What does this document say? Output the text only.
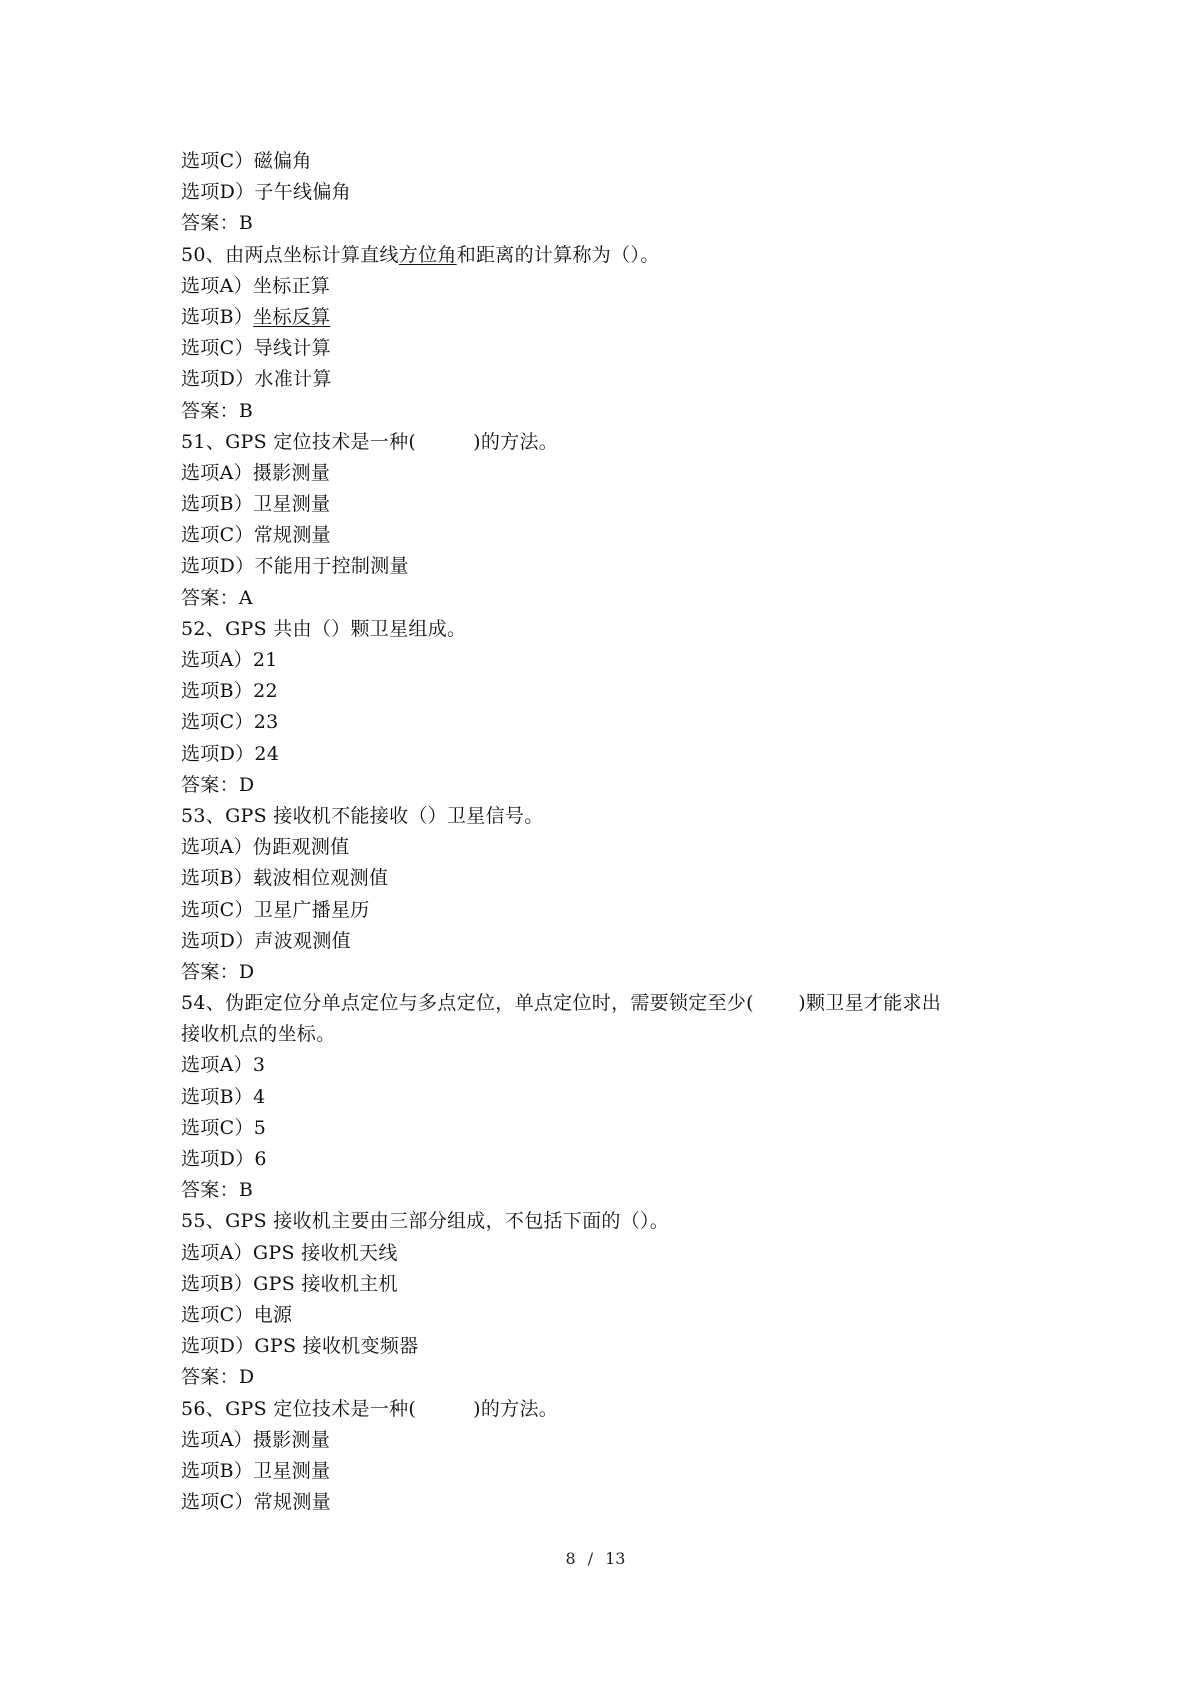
选项C）磁偏角
选项D）子午线偏角
答案：B
50、由两点坐标计算直线方位角和距离的计算称为（）。
选项A）坐标正算
选项B）坐标反算
选项C）导线计算
选项D）水准计算
答案：B
51、GPS 定位技术是一种(         )的方法。
选项A）摄影测量
选项B）卫星测量
选项C）常规测量
选项D）不能用于控制测量
答案：A
52、GPS 共由（）颗卫星组成。
选项A）21
选项B）22
选项C）23
选项D）24
答案：D
53、GPS 接收机不能接收（）卫星信号。
选项A）伪距观测值
选项B）载波相位观测值
选项C）卫星广播星历
选项D）声波观测值
答案：D
54、伪距定位分单点定位与多点定位，单点定位时，需要锁定至少(       )颗卫星才能求出
接收机点的坐标。
选项A）3
选项B）4
选项C）5
选项D）6
答案：B
55、GPS 接收机主要由三部分组成，不包括下面的（）。
选项A）GPS 接收机天线
选项B）GPS 接收机主机
选项C）电源
选项D）GPS 接收机变频器
答案：D
56、GPS 定位技术是一种(         )的方法。
选项A）摄影测量
选项B）卫星测量
选项C）常规测量
8 / 13
